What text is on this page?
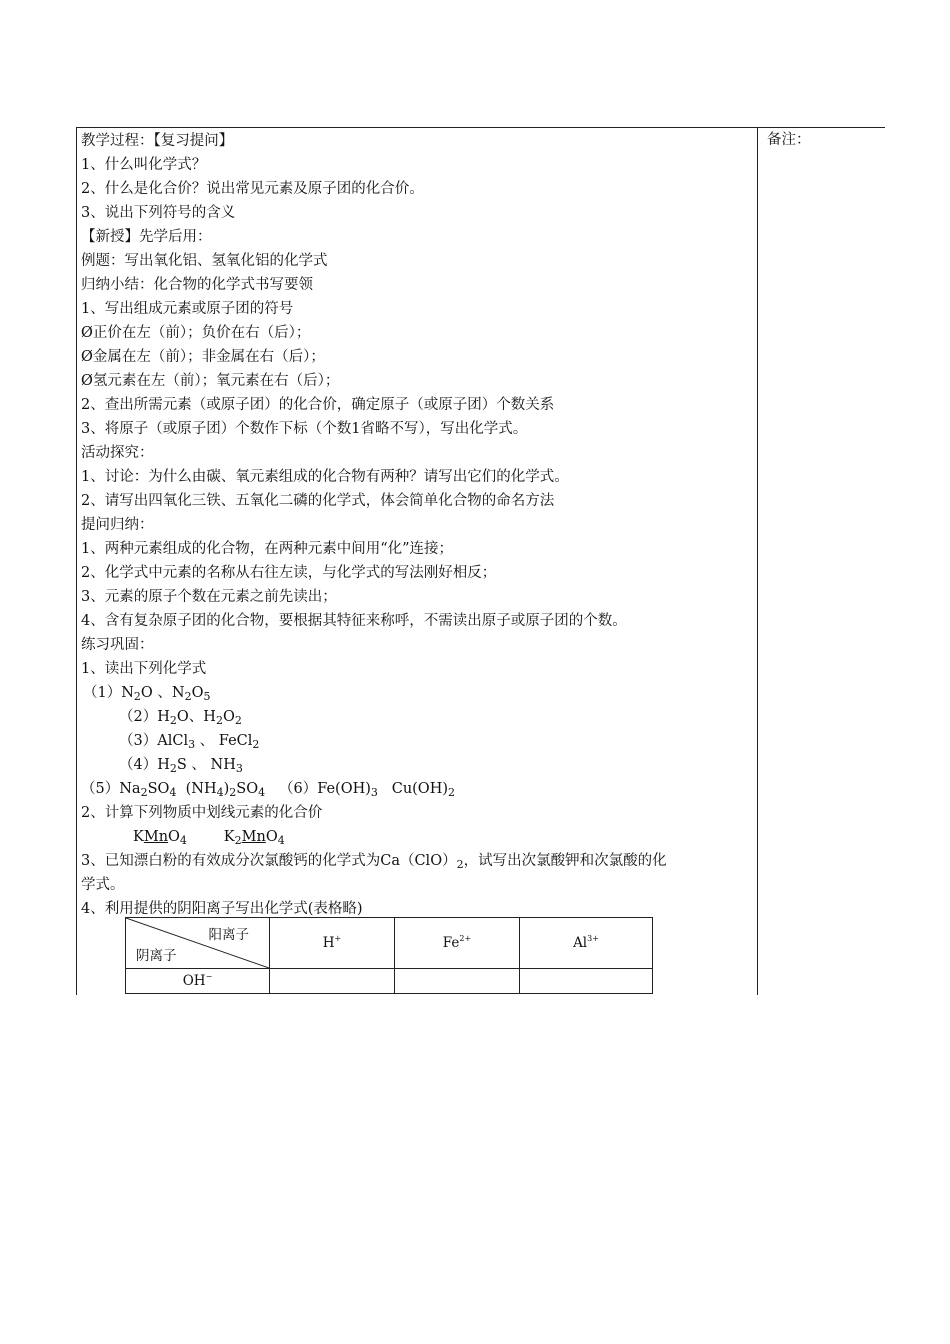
备注：
教学过程：【复习提问】
1、什么叫化学式？
2、什么是化合价？说出常见元素及原子团的化合价。
3、说出下列符号的含义
【新授】先学后用：
例题：写出氧化铝、氢氧化铝的化学式
归纳小结：化合物的化学式书写要领
1、写出组成元素或原子团的符号
Ø正价在左（前）；负价在右（后）；
Ø金属在左（前）；非金属在右（后）；
Ø氢元素在左（前）；氧元素在右（后）；
2、查出所需元素（或原子团）的化合价，确定原子（或原子团）个数关系
3、将原子（或原子团）个数作下标（个数1省略不写），写出化学式。
活动探究：
1、讨论：为什么由碳、氧元素组成的化合物有两种？请写出它们的化学式。
2、请写出四氧化三铁、五氧化二磷的化学式，体会简单化合物的命名方法
提问归纳：
1、两种元素组成的化合物，在两种元素中间用“化”连接；
2、化学式中元素的名称从右往左读，与化学式的写法刚好相反；
3、元素的原子个数在元素之前先读出；
4、含有复杂原子团的化合物，要根据其特征来称呼，不需读出原子或原子团的个数。
练习巩固：
1、读出下列化学式
$(1)N_2O$ 、$N_2O_5$
$(2)H_2O$、$H_2O_2$
（3）AlCl$_3$ 、 FeCl$_2$
$(4)H_2S$ 、 $NH_3$
$(5)Na_2SO_4$  $(NH_4)_2SO_4$ $(6)Fe(OH)_3$   $Cu(OH)_2$
2、计算下列物质中划线元素的化合价
KMnO$_4$        $K_2MnO_4$
3、已知漂白粉的有效成分次氯酸钙的化学式为$Ca(ClO)_2$，试写出次氯酸钾和次氯酸的化
学式。
4、利用提供的阴阳离子写出化学式(表格略)
阳离子
阴离子	H+	$Fe^{2+}$	$Al^{3+}$
OH−			
